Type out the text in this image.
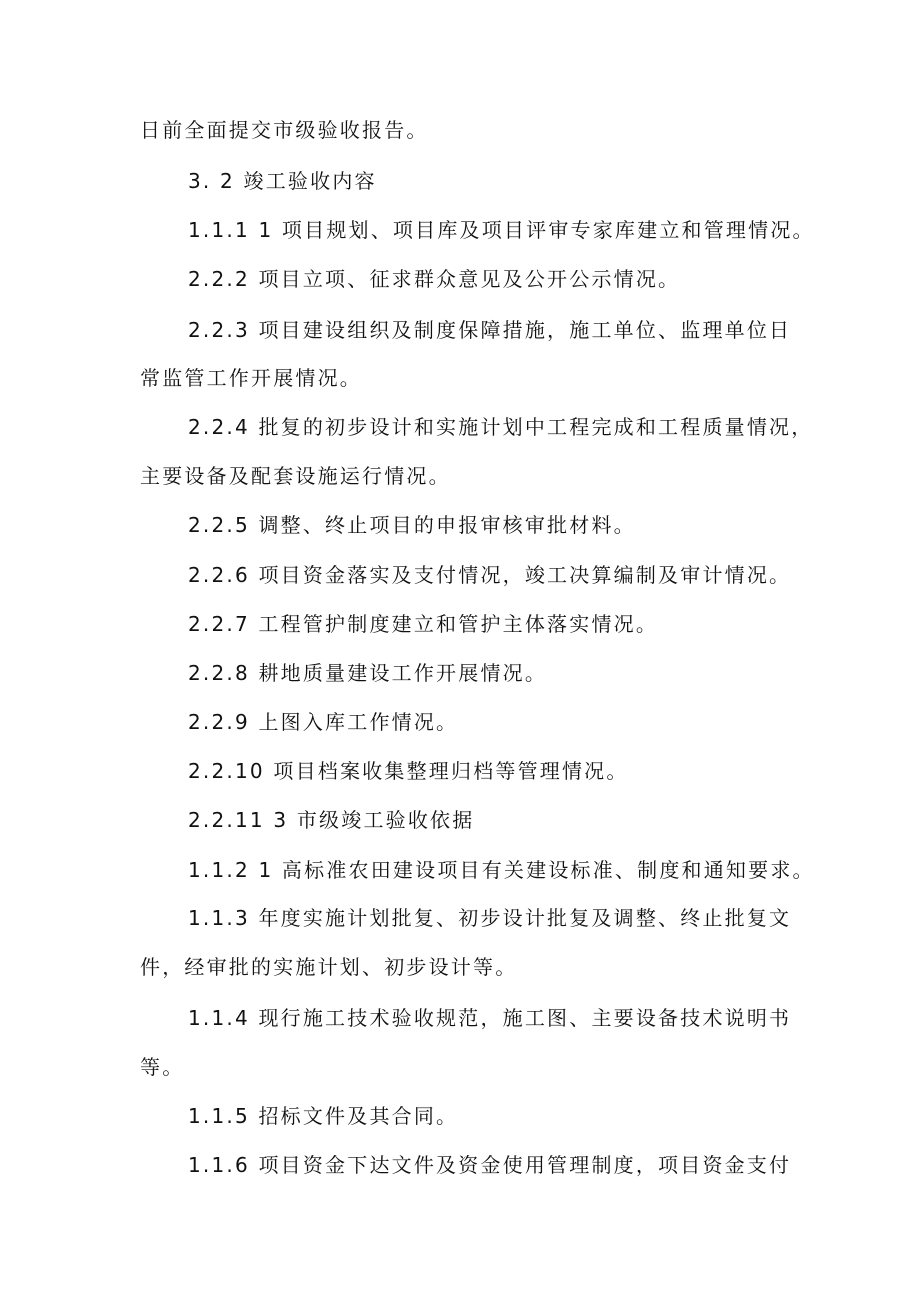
日前全面提交市级验收报告。
3. 2 竣工验收内容
1.1.1 1 项目规划、项目库及项目评审专家库建立和管理情况。
2.2.2 项目立项、征求群众意见及公开公示情况。
2.2.3 项目建设组织及制度保障措施，施工单位、监理单位日
常监管工作开展情况。
2.2.4 批复的初步设计和实施计划中工程完成和工程质量情况，
主要设备及配套设施运行情况。
2.2.5 调整、终止项目的申报审核审批材料。
2.2.6 项目资金落实及支付情况，竣工决算编制及审计情况。
2.2.7 工程管护制度建立和管护主体落实情况。
2.2.8 耕地质量建设工作开展情况。
2.2.9 上图入库工作情况。
2.2.10 项目档案收集整理归档等管理情况。
2.2.11 3 市级竣工验收依据
1.1.2 1 高标准农田建设项目有关建设标准、制度和通知要求。
1.1.3 年度实施计划批复、初步设计批复及调整、终止批复文
件，经审批的实施计划、初步设计等。
1.1.4 现行施工技术验收规范，施工图、主要设备技术说明书
等。
1.1.5 招标文件及其合同。
1.1.6 项目资金下达文件及资金使用管理制度，项目资金支付
